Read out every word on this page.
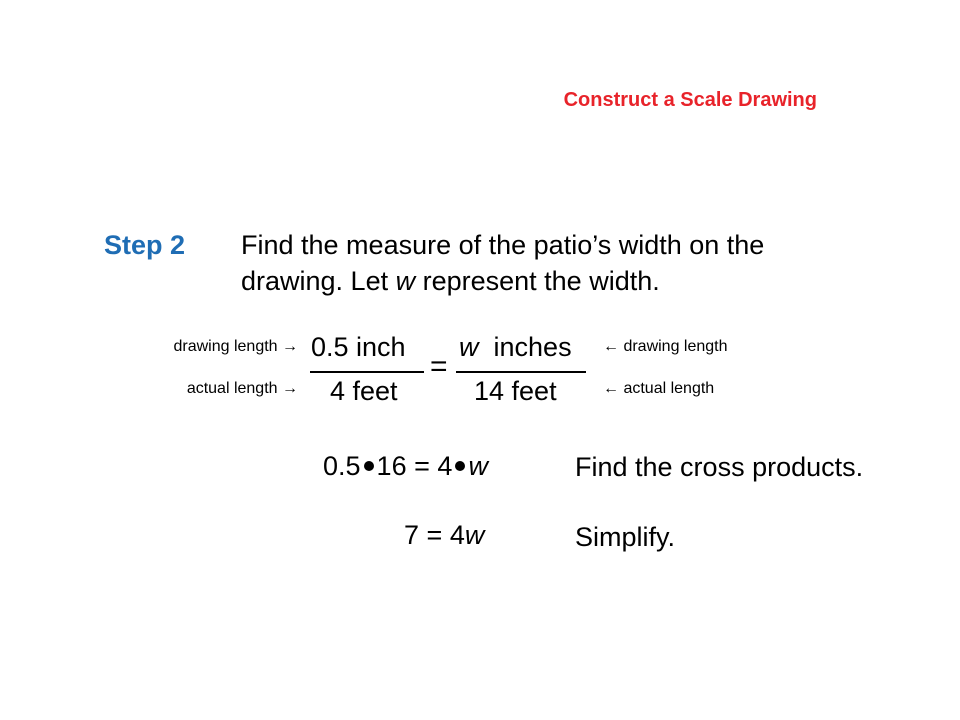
Construct a Scale Drawing
Step 2 Find the measure of the patio’s width on the
drawing. Let w represent the width.
drawing length →
actual length →
← drawing length
← actual length
0.5 inch
4 feet
=
w inches
14 feet
0.5 16 = 4 w	Find the cross products.
7 = 4w	Simplify.
